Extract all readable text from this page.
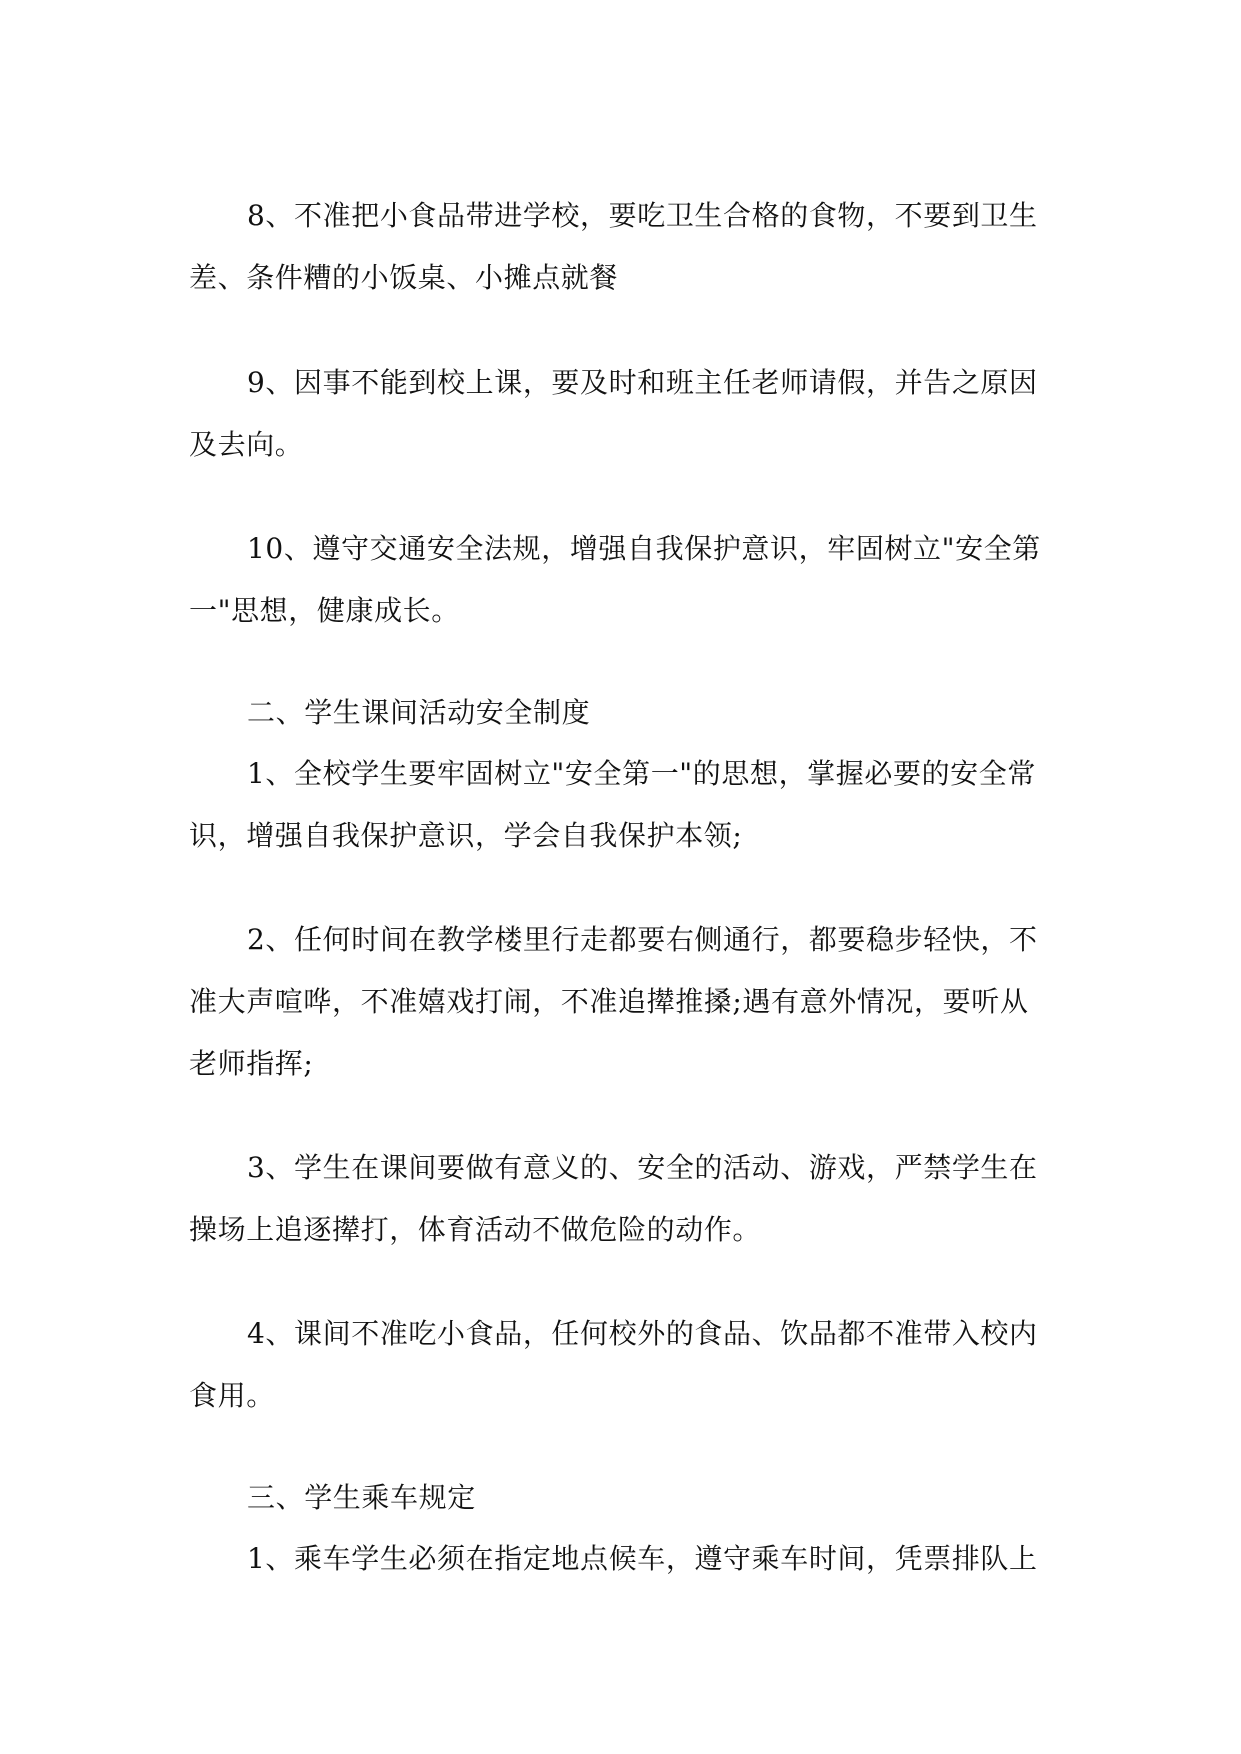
8、不准把小食品带进学校，要吃卫生合格的食物，不要到卫生
差、条件糟的小饭桌、小摊点就餐
9、因事不能到校上课，要及时和班主任老师请假，并告之原因
及去向。
10、遵守交通安全法规，增强自我保护意识，牢固树立"安全第
一"思想，健康成长。
二、学生课间活动安全制度
1、全校学生要牢固树立"安全第一"的思想，掌握必要的安全常
识，增强自我保护意识，学会自我保护本领;
2、任何时间在教学楼里行走都要右侧通行，都要稳步轻快，不
准大声喧哗，不准嬉戏打闹，不准追撵推搡;遇有意外情况，要听从
老师指挥;
3、学生在课间要做有意义的、安全的活动、游戏，严禁学生在
操场上追逐撵打，体育活动不做危险的动作。
4、课间不准吃小食品，任何校外的食品、饮品都不准带入校内
食用。
三、学生乘车规定
1、乘车学生必须在指定地点候车，遵守乘车时间，凭票排队上
